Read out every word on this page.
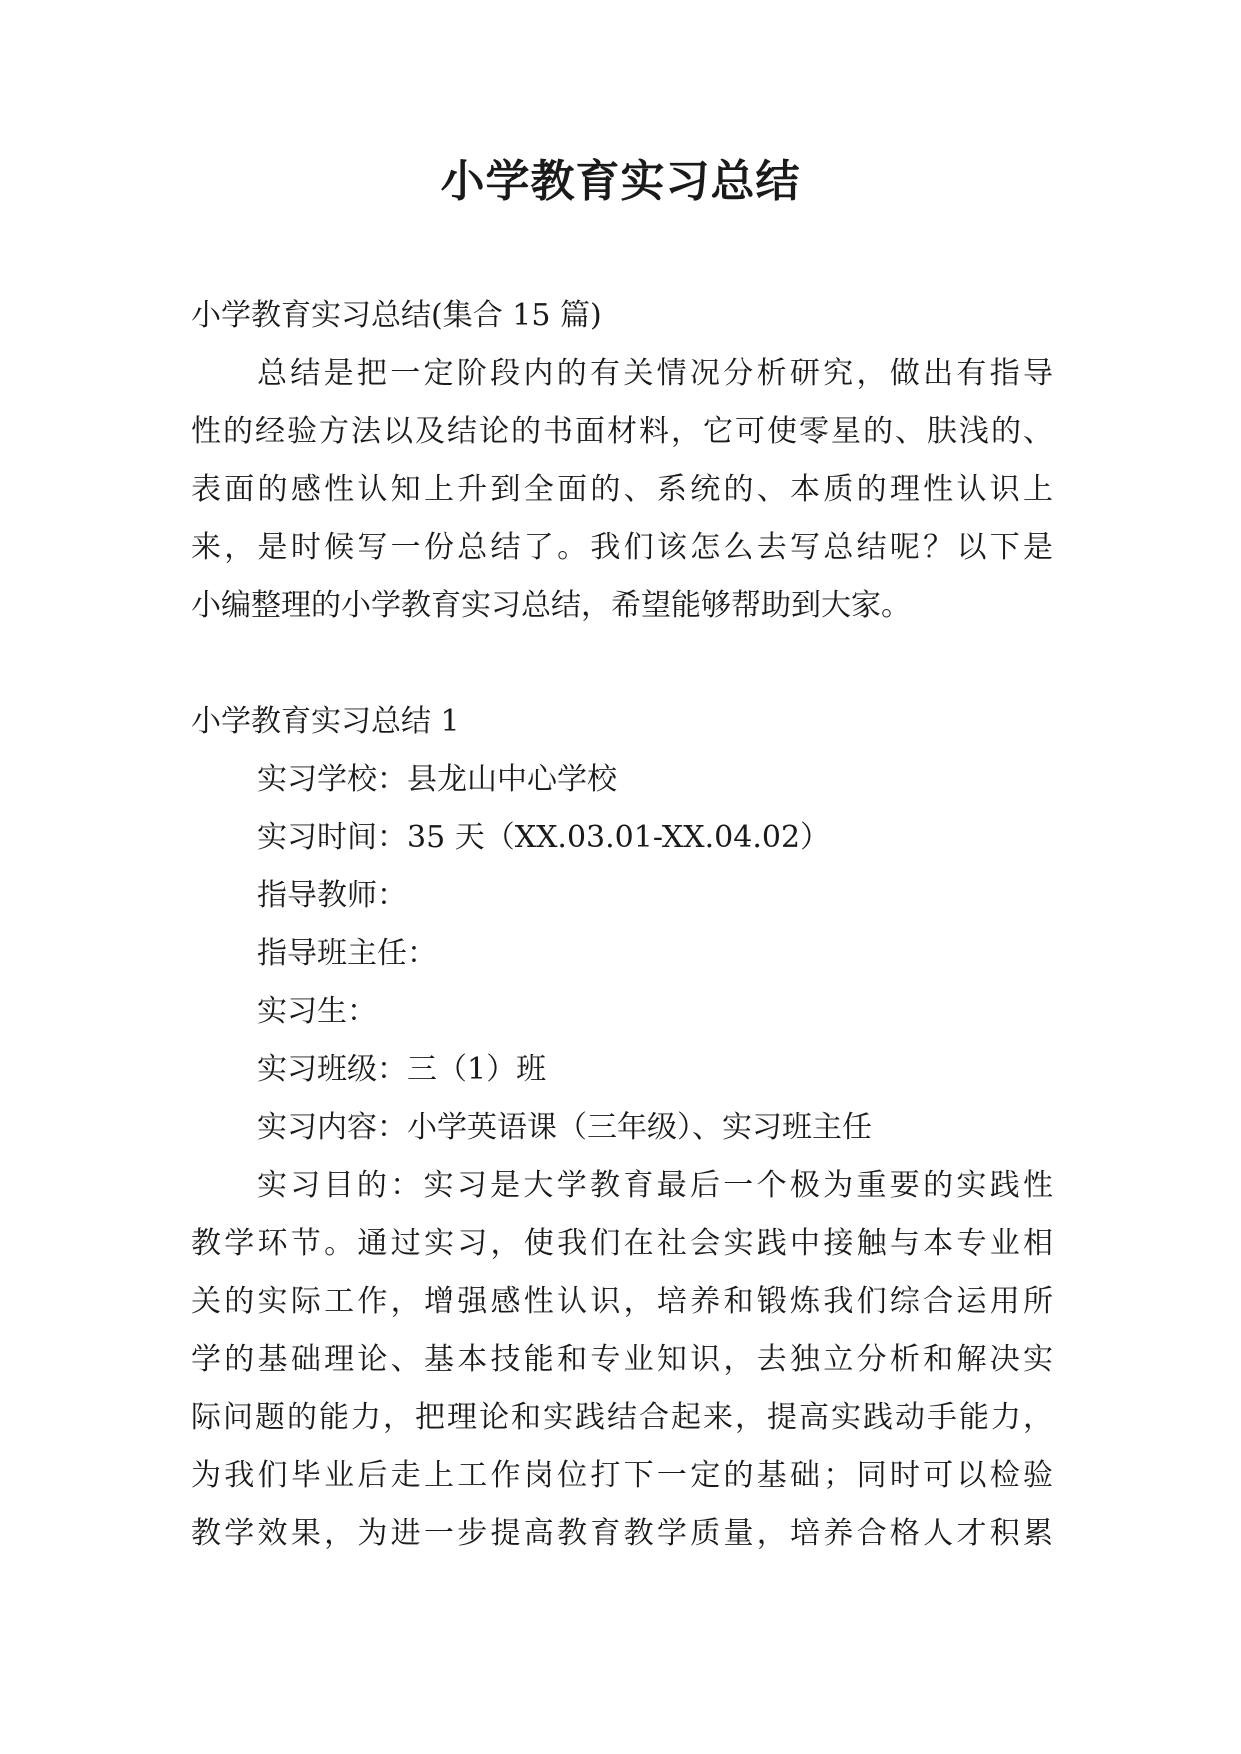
小学教育实习总结
小学教育实习总结(集合 15 篇)
总结是把一定阶段内的有关情况分析研究，做出有指导
性的经验方法以及结论的书面材料，它可使零星的、肤浅的、
表面的感性认知上升到全面的、系统的、本质的理性认识上
来，是时候写一份总结了。我们该怎么去写总结呢？以下是
小编整理的小学教育实习总结，希望能够帮助到大家。
小学教育实习总结 1
实习学校：县龙山中心学校
实习时间：35 天（XX.03.01-XX.04.02）
指导教师：
指导班主任：
实习生：
实习班级：三（1）班
实习内容：小学英语课（三年级）、实习班主任
实习目的：实习是大学教育最后一个极为重要的实践性
教学环节。通过实习，使我们在社会实践中接触与本专业相
关的实际工作，增强感性认识，培养和锻炼我们综合运用所
学的基础理论、基本技能和专业知识，去独立分析和解决实
际问题的能力，把理论和实践结合起来，提高实践动手能力，
为我们毕业后走上工作岗位打下一定的基础；同时可以检验
教学效果，为进一步提高教育教学质量，培养合格人才积累
